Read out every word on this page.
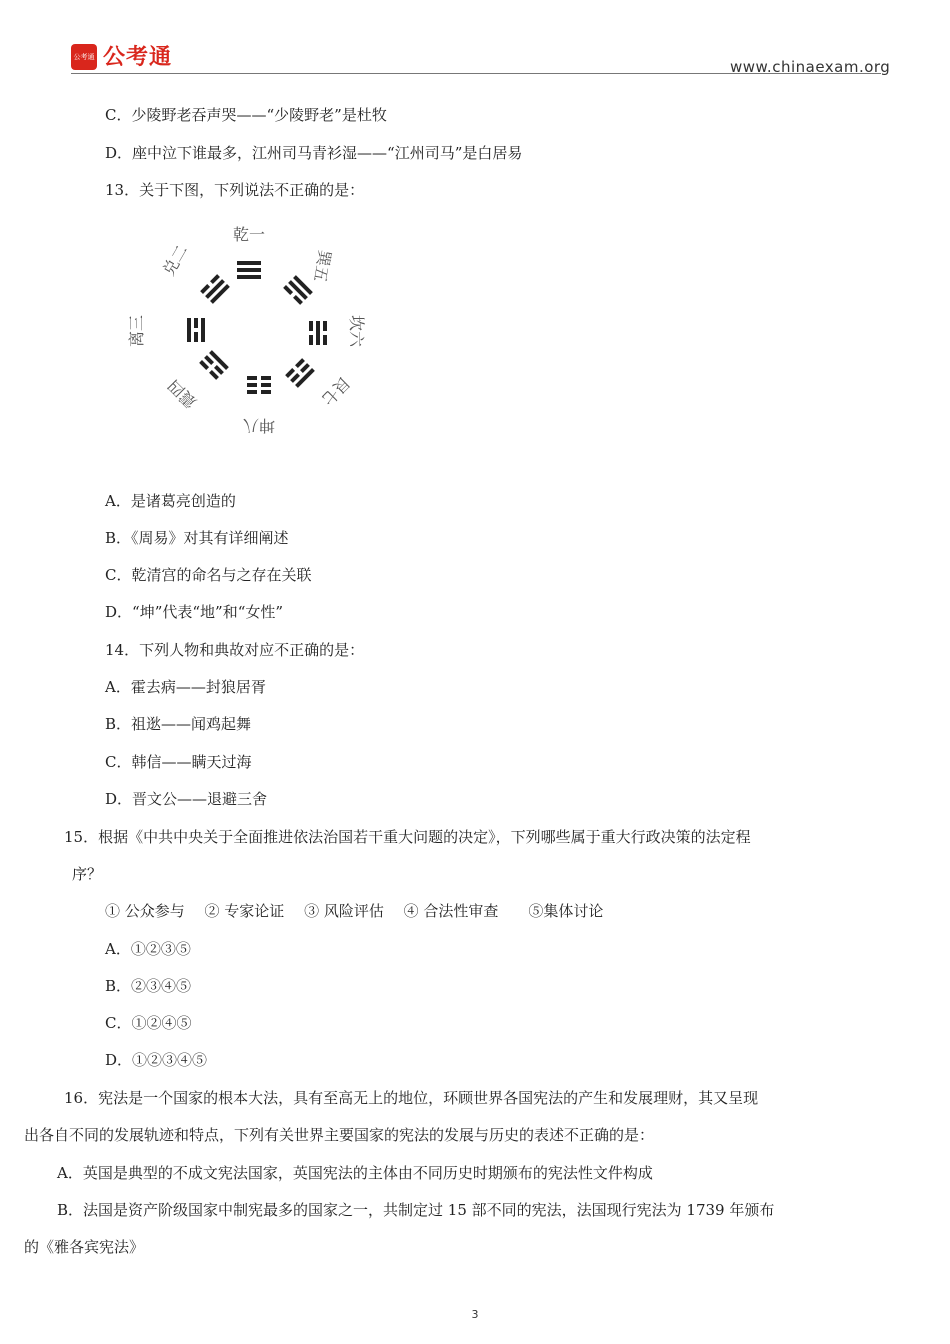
公考通 公考通	www.chinaexam.org
C．少陵野老吞声哭——“少陵野老”是杜牧
D．座中泣下谁最多，江州司马青衫湿——“江州司马”是白居易
13．关于下图，下列说法不正确的是：
乾一
巽五
坎六
艮七
坤八
震四
离三
兑二
A．是诸葛亮创造的
B．《周易》对其有详细阐述
C．乾清宫的命名与之存在关联
D．“坤”代表“地”和“女性”
14．下列人物和典故对应不正确的是：
A．霍去病——封狼居胥
B．祖逖——闻鸡起舞
C．韩信——瞒天过海
D．晋文公——退避三舍
15．根据《中共中央关于全面推进依法治国若干重大问题的决定》，下列哪些属于重大行政决策的法定程
序？
① 公众参与　 ② 专家论证　 ③ 风险评估　 ④ 合法性审查　　⑤集体讨论
A．①②③⑤
B．②③④⑤
C．①②④⑤
D．①②③④⑤
16．宪法是一个国家的根本大法，具有至高无上的地位，环顾世界各国宪法的产生和发展理财，其又呈现
出各自不同的发展轨迹和特点，下列有关世界主要国家的宪法的发展与历史的表述不正确的是：
A．英国是典型的不成文宪法国家，英国宪法的主体由不同历史时期颁布的宪法性文件构成
B．法国是资产阶级国家中制宪最多的国家之一，共制定过 15 部不同的宪法，法国现行宪法为 1739 年颁布
的《雅各宾宪法》
3
